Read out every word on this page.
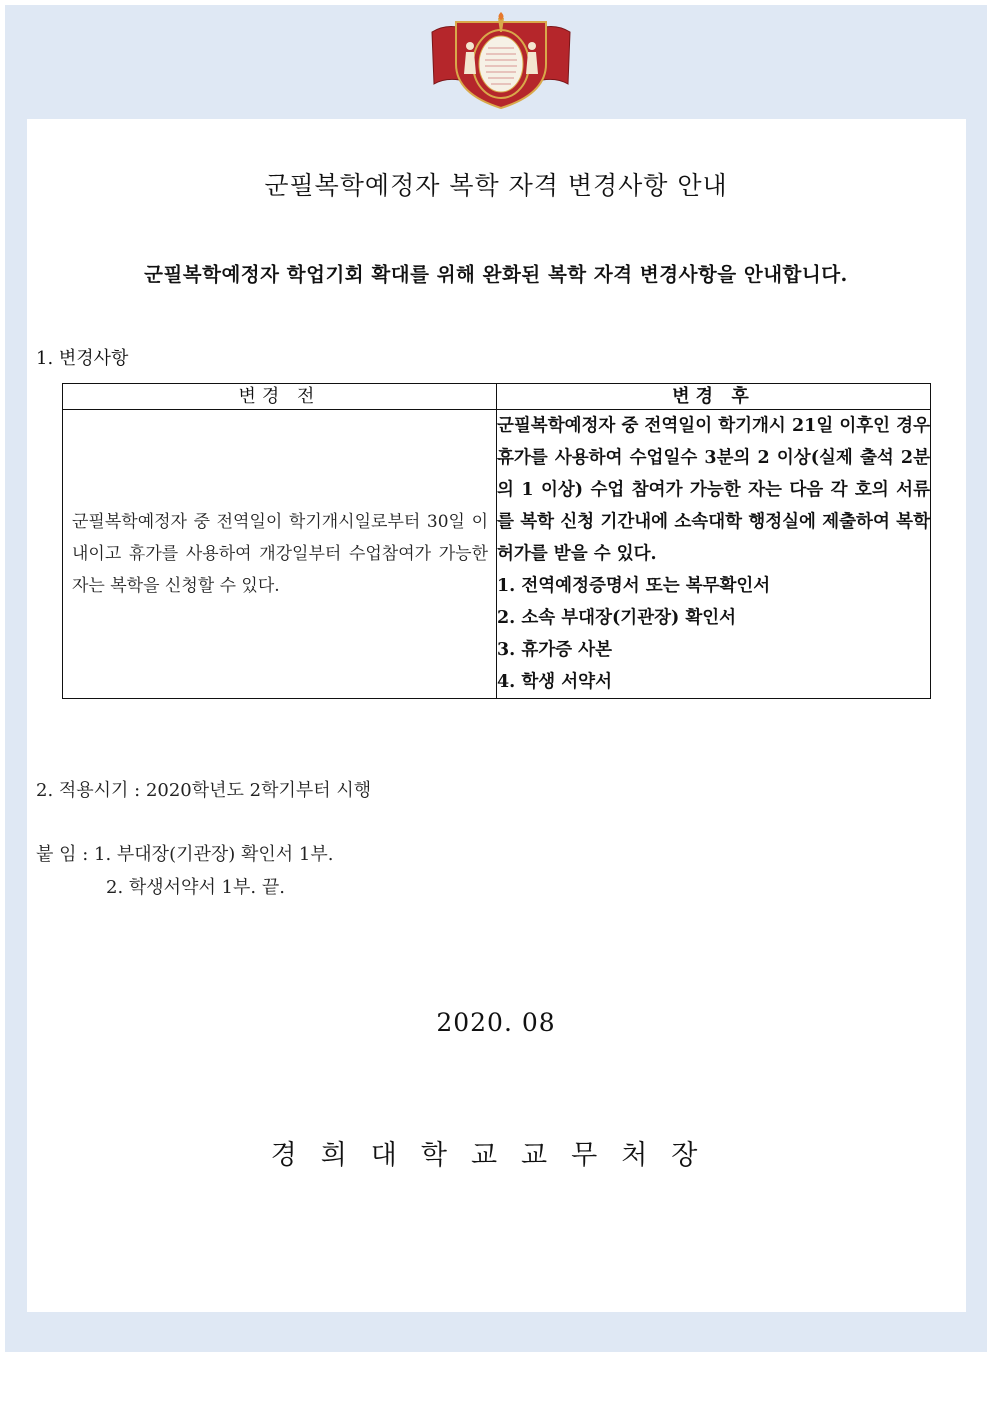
군필복학예정자 복학 자격 변경사항 안내
군필복학예정자 학업기회 확대를 위해 완화된 복학 자격 변경사항을 안내합니다.
1. 변경사항
변경 전	변경 후

군필복학예정자 중 전역일이 학기개시일로부터 30일 이내이고 휴가를 사용하여 개강일부터 수업참여가 가능한 자는 복학을 신청할 수 있다.	군필복학예정자 중 전역일이 학기개시 21일 이후인 경우 휴가를 사용하여 수업일수 3분의 2 이상(실제 출석 2분의 1 이상) 수업 참여가 가능한 자는 다음 각 호의 서류를 복학 신청 기간내에 소속대학 행정실에 제출하여 복학 허가를 받을 수 있다.

1. 전역예정증명서 또는 복무확인서
2. 소속 부대장(기관장) 확인서
3. 휴가증 사본
4. 학생 서약서
2. 적용시기 : 2020학년도 2학기부터 시행
붙 임 : 1. 부대장(기관장) 확인서 1부.
2. 학생서약서 1부. 끝.
2020. 08
경희대학교교무처장
